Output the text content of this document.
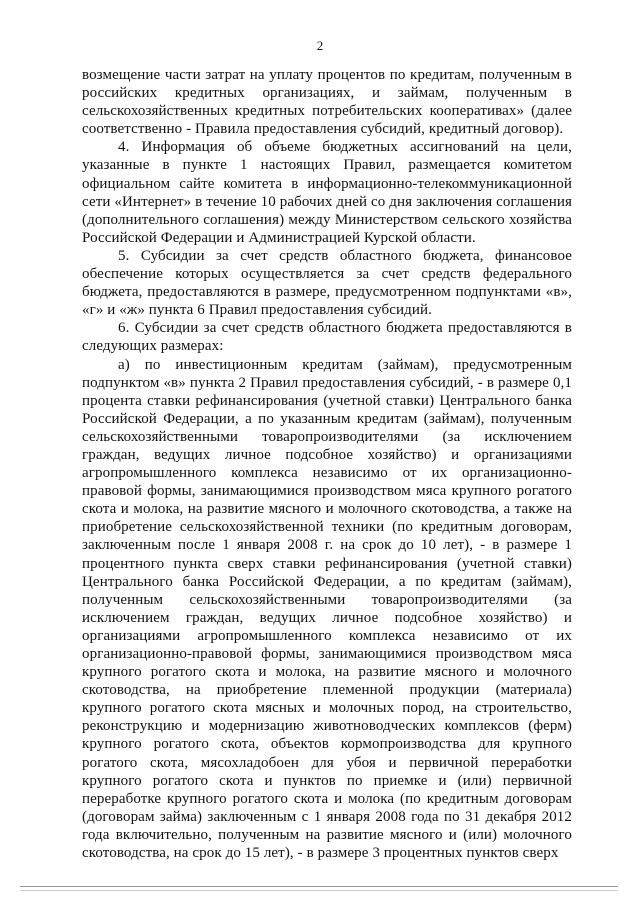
2

возмещение части затрат на уплату процентов по кредитам, полученным в российских кредитных организациях, и займам, полученным в сельскохозяйственных кредитных потребительских кооперативах» (далее соответственно - Правила предоставления субсидий, кредитный договор).

4. Информация об объеме бюджетных ассигнований на цели, указанные в пункте 1 настоящих Правил, размещается комитетом официальном сайте комитета в информационно-телекоммуникационной сети «Интернет» в течение 10 рабочих дней со дня заключения соглашения (дополнительного соглашения) между Министерством сельского хозяйства Российской Федерации и Администрацией Курской области.

5. Субсидии за счет средств областного бюджета, финансовое обеспечение которых осуществляется за счет средств федерального бюджета, предоставляются в размере, предусмотренном подпунктами «в», «г» и «ж» пункта 6 Правил предоставления субсидий.

6. Субсидии за счет средств областного бюджета предоставляются в следующих размерах:

а) по инвестиционным кредитам (займам), предусмотренным подпунктом «в» пункта 2 Правил предоставления субсидий, - в размере 0,1 процента ставки рефинансирования (учетной ставки) Центрального банка Российской Федерации, а по указанным кредитам (займам), полученным сельскохозяйственными товаропроизводителями (за исключением граждан, ведущих личное подсобное хозяйство) и организациями агропромышленного комплекса независимо от их организационно-правовой формы, занимающимися производством мяса крупного рогатого скота и молока, на развитие мясного и молочного скотоводства, а также на приобретение сельскохозяйственной техники (по кредитным договорам, заключенным после 1 января 2008 г. на срок до 10 лет), - в размере 1 процентного пункта сверх ставки рефинансирования (учетной ставки) Центрального банка Российской Федерации, а по кредитам (займам), полученным сельскохозяйственными товаропроизводителями (за исключением граждан, ведущих личное подсобное хозяйство) и организациями агропромышленного комплекса независимо от их организационно-правовой формы, занимающимися производством мяса крупного рогатого скота и молока, на развитие мясного и молочного скотоводства, на приобретение племенной продукции (материала) крупного рогатого скота мясных и молочных пород, на строительство, реконструкцию и модернизацию животноводческих комплексов (ферм) крупного рогатого скота, объектов кормопроизводства для крупного рогатого скота, мясохладобоен для убоя и первичной переработки крупного рогатого скота и пунктов по приемке и (или) первичной переработке крупного рогатого скота и молока (по кредитным договорам (договорам займа) заключенным с 1 января 2008 года по 31 декабря 2012 года включительно, полученным на развитие мясного и (или) молочного скотоводства, на срок до 15 лет), - в размере 3 процентных пунктов сверх
